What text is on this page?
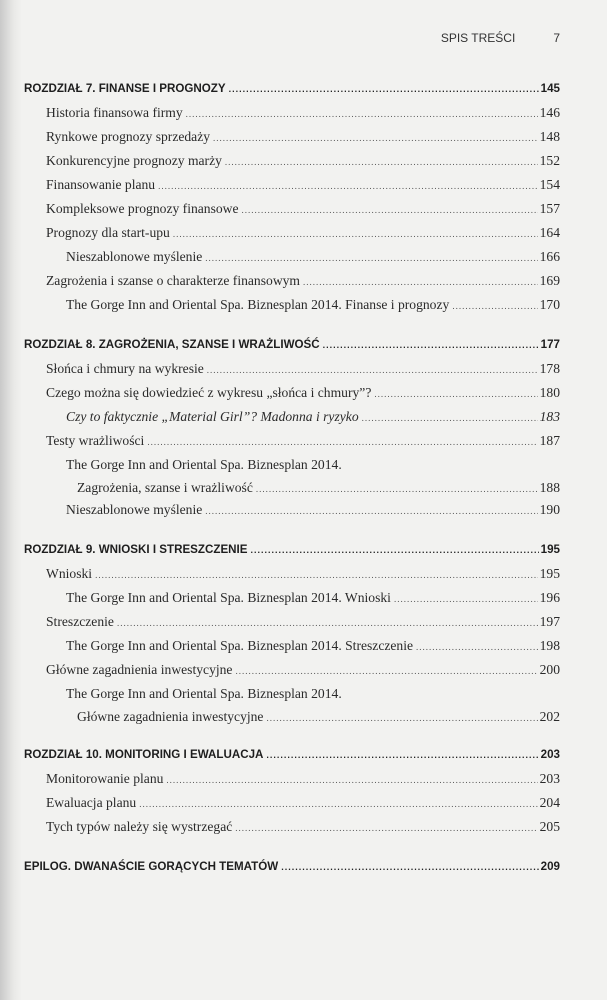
SPIS TREŚCI	7
ROZDZIAŁ 7. FINANSE I PROGNOZY .....	145
Historia finansowa firmy .....	146
Rynkowe prognozy sprzedaży .....	148
Konkurencyjne prognozy marży .....	152
Finansowanie planu .....	154
Kompleksowe prognozy finansowe .....	157
Prognozy dla start-upu .....	164
Nieszablonowe myślenie .....	166
Zagrożenia i szanse o charakterze finansowym .....	169
The Gorge Inn and Oriental Spa. Biznesplan 2014. Finanse i prognozy .....	170
ROZDZIAŁ 8. ZAGROŻENIA, SZANSE I WRAŻLIWOŚĆ .....	177
Słońca i chmury na wykresie .....	178
Czego można się dowiedzieć z wykresu „słońca i chmury”? .....	180
Czy to faktycznie „Material Girl”? Madonna i ryzyko .....	183
Testy wrażliwości .....	187
The Gorge Inn and Oriental Spa. Biznesplan 2014.
Zagrożenia, szanse i wrażliwość .....	188
Nieszablonowe myślenie .....	190
ROZDZIAŁ 9. WNIOSKI I STRESZCZENIE .....	195
Wnioski .....	195
The Gorge Inn and Oriental Spa. Biznesplan 2014. Wnioski .....	196
Streszczenie .....	197
The Gorge Inn and Oriental Spa. Biznesplan 2014. Streszczenie .....	198
Główne zagadnienia inwestycyjne .....	200
The Gorge Inn and Oriental Spa. Biznesplan 2014.
Główne zagadnienia inwestycyjne .....	202
ROZDZIAŁ 10. MONITORING I EWALUACJA .....	203
Monitorowanie planu .....	203
Ewaluacja planu .....	204
Tych typów należy się wystrzegać .....	205
EPILOG. DWANAŚCIE GORĄCYCH TEMATÓW .....	209
